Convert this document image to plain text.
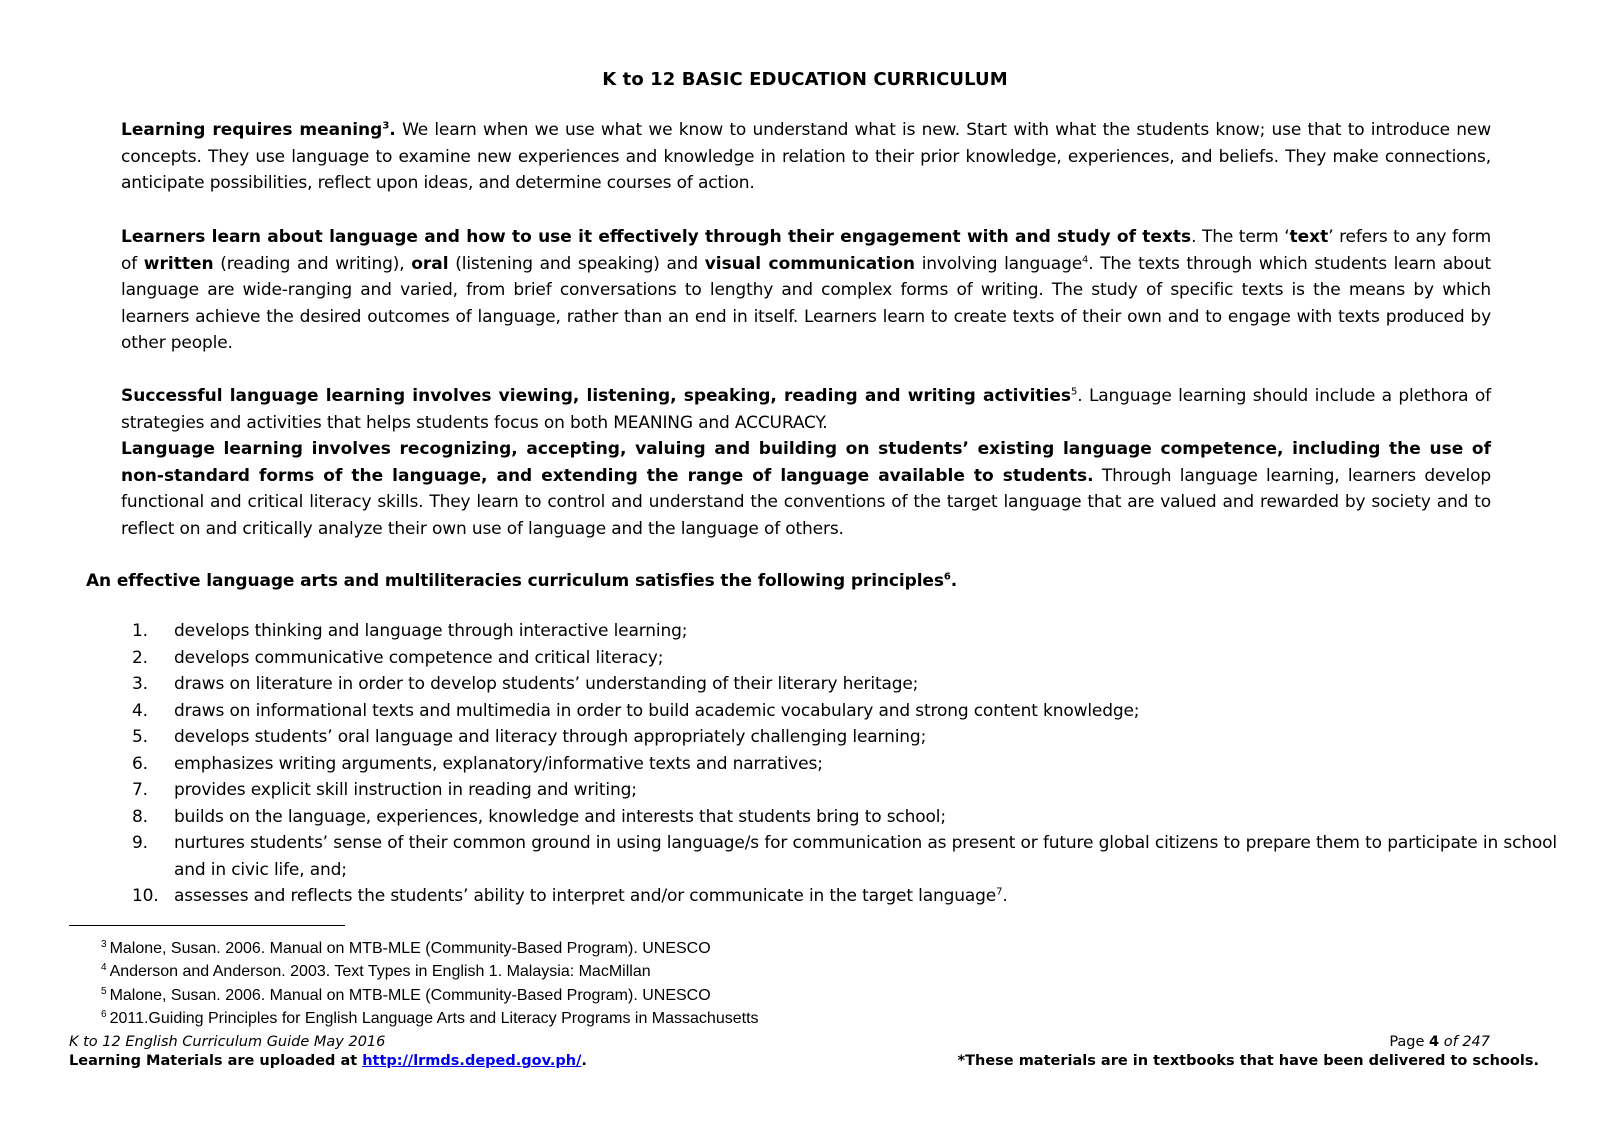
K to 12 BASIC EDUCATION CURRICULUM
Learning requires meaning$^3$. We learn when we use what we know to understand what is new. Start with what the students know; use that to introduce new concepts. They use language to examine new experiences and knowledge in relation to their prior knowledge, experiences, and beliefs. They make connections, anticipate possibilities, reflect upon ideas, and determine courses of action.
Learners learn about language and how to use it effectively through their engagement with and study of texts. The term ‘text’ refers to any form of written (reading and writing), oral (listening and speaking) and visual communication involving language$^4$. The texts through which students learn about language are wide-ranging and varied, from brief conversations to lengthy and complex forms of writing. The study of specific texts is the means by which learners achieve the desired outcomes of language, rather than an end in itself. Learners learn to create texts of their own and to engage with texts produced by other people.
Successful language learning involves viewing, listening, speaking, reading and writing activities$^5$. Language learning should include a plethora of strategies and activities that helps students focus on both MEANING and ACCURACY.
Language learning involves recognizing, accepting, valuing and building on students’ existing language competence, including the use of non-standard forms of the language, and extending the range of language available to students. Through language learning, learners develop functional and critical literacy skills. They learn to control and understand the conventions of the target language that are valued and rewarded by society and to reflect on and critically analyze their own use of language and the language of others.
An effective language arts and multiliteracies curriculum satisfies the following principles$^6$.
1.	develops thinking and language through interactive learning;
2.	develops communicative competence and critical literacy;
3.	draws on literature in order to develop students’ understanding of their literary heritage;
4.	draws on informational texts and multimedia in order to build academic vocabulary and strong content knowledge;
5.	develops students’ oral language and literacy through appropriately challenging learning;
6.	emphasizes writing arguments, explanatory/informative texts and narratives;
7.	provides explicit skill instruction in reading and writing;
8.	builds on the language, experiences, knowledge and interests that students bring to school;
9.	nurtures students’ sense of their common ground in using language/s for communication as present or future global citizens to prepare them to participate in school and in civic life, and;
10. assesses and reflects the students’ ability to interpret and/or communicate in the target language$^7$.
$^3$ Malone, Susan. 2006. Manual on MTB-MLE (Community-Based Program). UNESCO
$^4$ Anderson and Anderson. 2003. Text Types in English 1. Malaysia: MacMillan
$^5$ Malone, Susan. 2006. Manual on MTB-MLE (Community-Based Program). UNESCO
$^6$ 2011.Guiding Principles for English Language Arts and Literacy Programs in Massachusetts
K to 12 English Curriculum Guide May 2016
Learning Materials are uploaded at http://lrmds.deped.gov.ph/.
Page 4 of 247
*These materials are in textbooks that have been delivered to schools.
